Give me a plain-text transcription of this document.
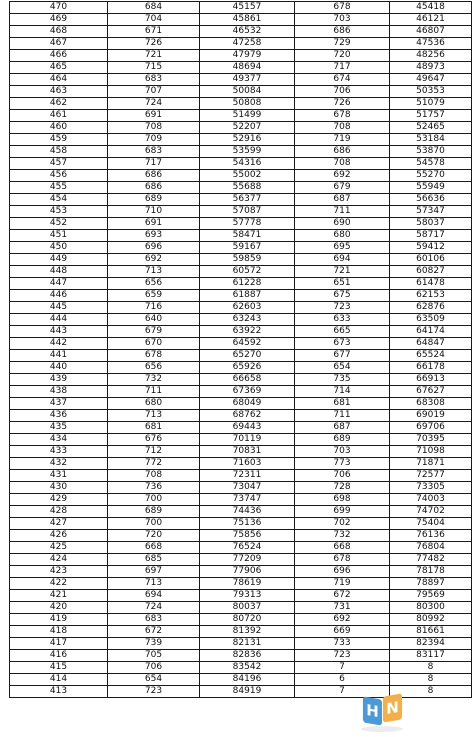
470	684	45157	678	45418
469	704	45861	703	46121
468	671	46532	686	46807
467	726	47258	729	47536
466	721	47979	720	48256
465	715	48694	717	48973
464	683	49377	674	49647
463	707	50084	706	50353
462	724	50808	726	51079
461	691	51499	678	51757
460	708	52207	708	52465
459	709	52916	719	53184
458	683	53599	686	53870
457	717	54316	708	54578
456	686	55002	692	55270
455	686	55688	679	55949
454	689	56377	687	56636
453	710	57087	711	57347
452	691	57778	690	58037
451	693	58471	680	58717
450	696	59167	695	59412
449	692	59859	694	60106
448	713	60572	721	60827
447	656	61228	651	61478
446	659	61887	675	62153
445	716	62603	723	62876
444	640	63243	633	63509
443	679	63922	665	64174
442	670	64592	673	64847
441	678	65270	677	65524
440	656	65926	654	66178
439	732	66658	735	66913
438	711	67369	714	67627
437	680	68049	681	68308
436	713	68762	711	69019
435	681	69443	687	69706
434	676	70119	689	70395
433	712	70831	703	71098
432	772	71603	773	71871
431	708	72311	706	72577
430	736	73047	728	73305
429	700	73747	698	74003
428	689	74436	699	74702
427	700	75136	702	75404
426	720	75856	732	76136
425	668	76524	668	76804
424	685	77209	678	77482
423	697	77906	696	78178
422	713	78619	719	78897
421	694	79313	672	79569
420	724	80037	731	80300
419	683	80720	692	80992
418	672	81392	669	81661
417	739	82131	733	82394
416	705	82836	723	83117
415	706	83542	7	8
414	654	84196	6	8
413	723	84919	7	8
H N
